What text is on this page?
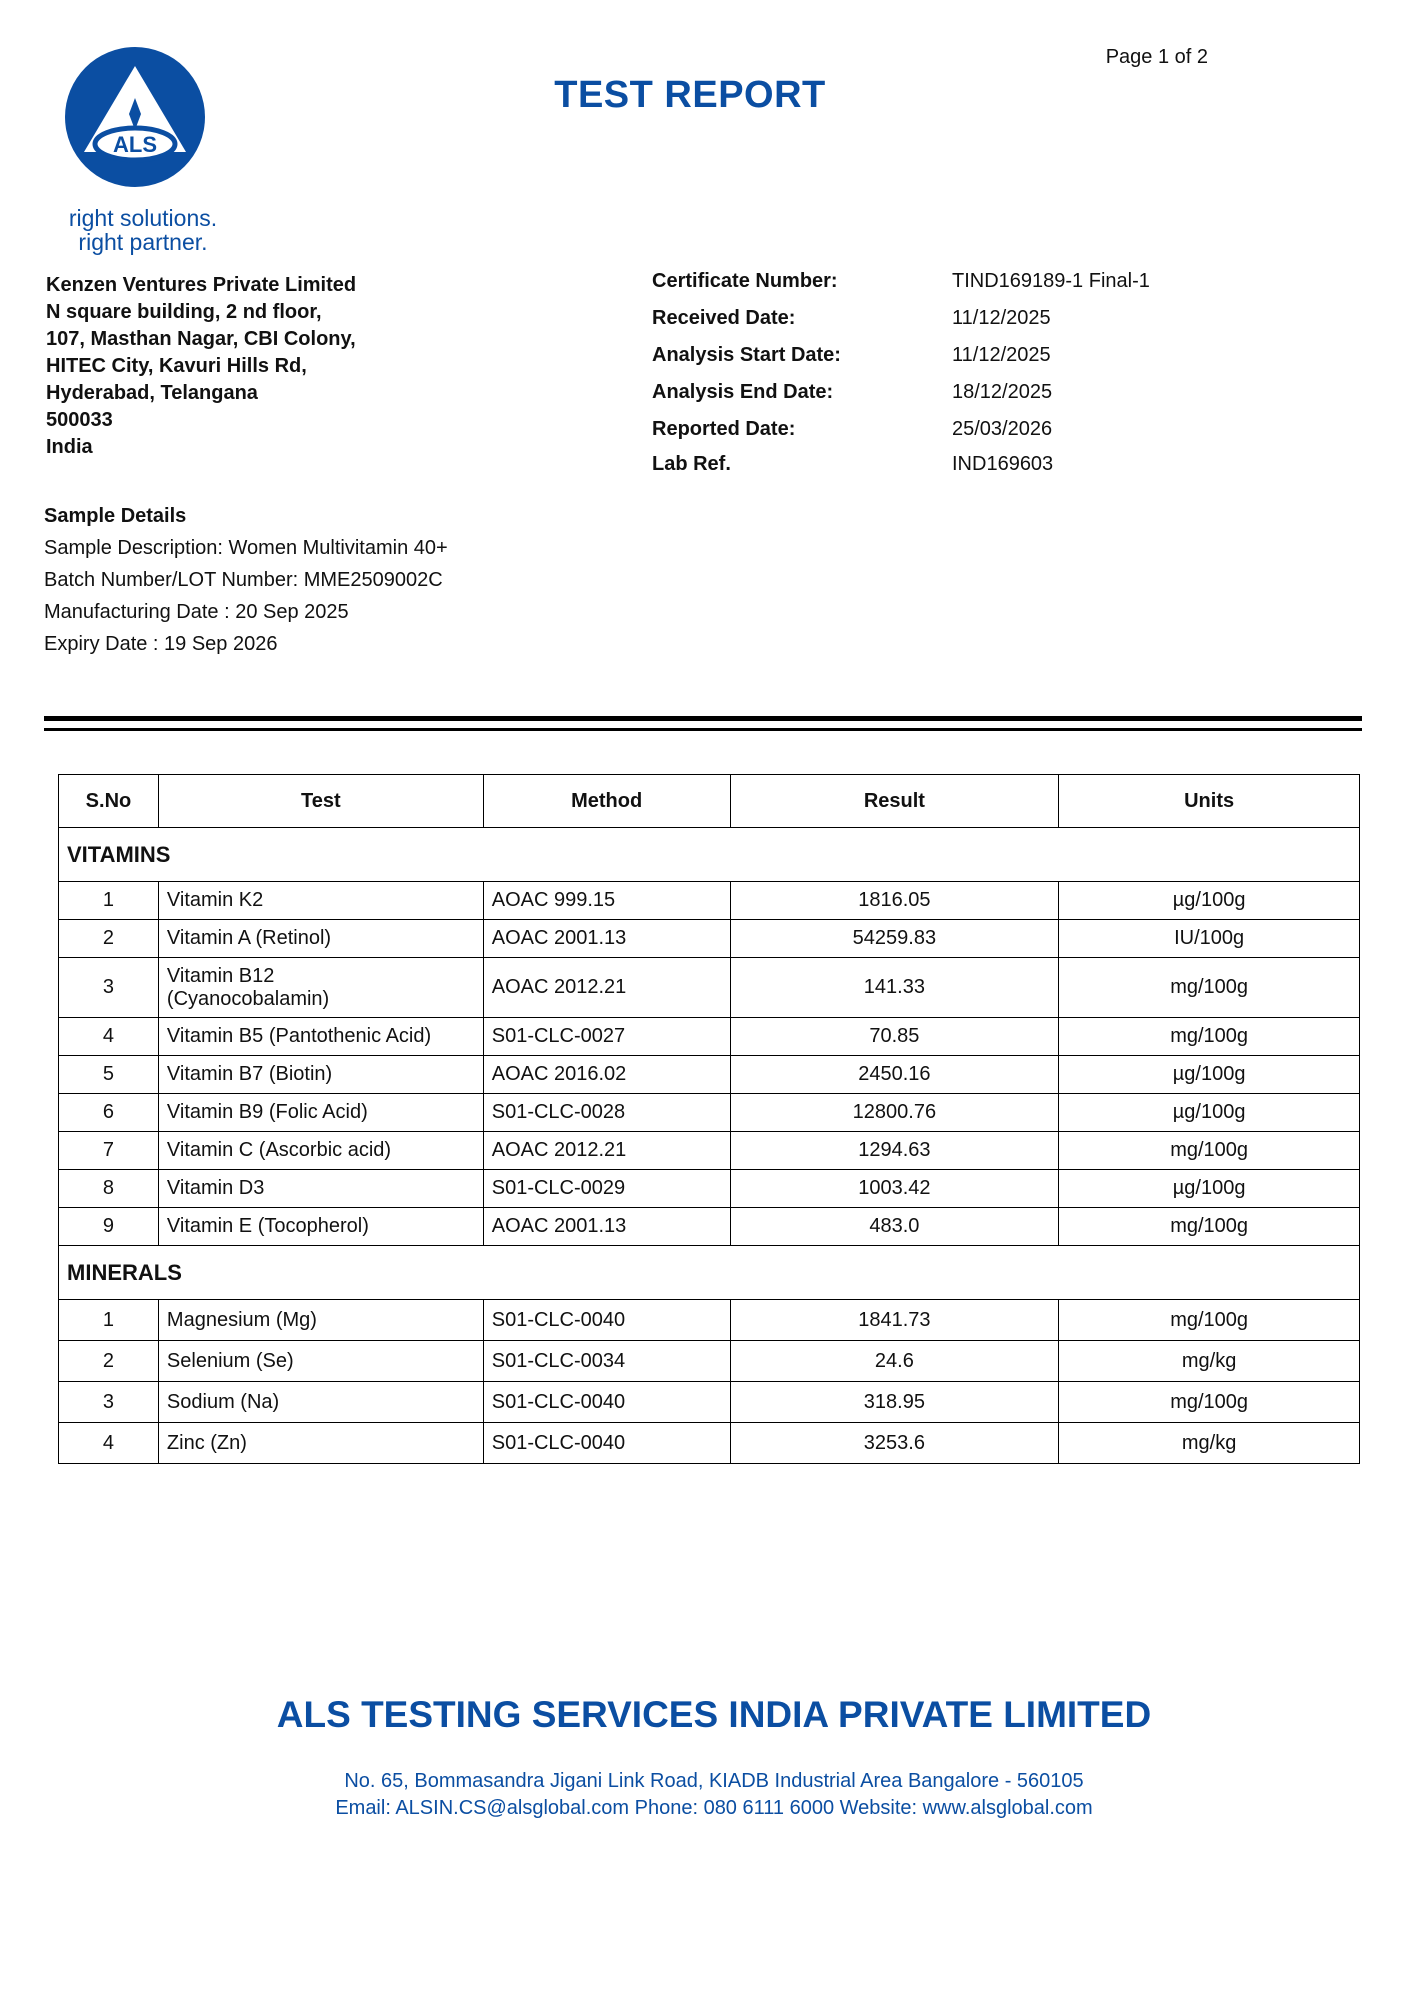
ALS
right solutions.
right partner.
Page 1 of 2
TEST REPORT
Kenzen Ventures Private Limited
N square building, 2 nd floor,
107, Masthan Nagar, CBI Colony,
HITEC City, Kavuri Hills Rd,
Hyderabad, Telangana
500033
India
Certificate Number:	TIND169189-1 Final-1
Received Date:	11/12/2025
Analysis Start Date:	11/12/2025
Analysis End Date:	18/12/2025
Reported Date:	25/03/2026
Lab Ref.	IND169603
Sample Details
Sample Description: Women Multivitamin 40+
Batch Number/LOT Number: MME2509002C
Manufacturing Date : 20 Sep 2025
Expiry Date : 19 Sep 2026
S.No	Test	Method	Result	Units
VITAMINS				
1	Vitamin K2	AOAC 999.15	1816.05	µg/100g
2	Vitamin A (Retinol)	AOAC 2001.13	54259.83	IU/100g
3	Vitamin B12
(Cyanocobalamin)	AOAC 2012.21	141.33	mg/100g
4	Vitamin B5 (Pantothenic Acid)	S01-CLC-0027	70.85	mg/100g
5	Vitamin B7 (Biotin)	AOAC 2016.02	2450.16	µg/100g
6	Vitamin B9 (Folic Acid)	S01-CLC-0028	12800.76	µg/100g
7	Vitamin C (Ascorbic acid)	AOAC 2012.21	1294.63	mg/100g
8	Vitamin D3	S01-CLC-0029	1003.42	µg/100g
9	Vitamin E (Tocopherol)	AOAC 2001.13	483.0	mg/100g
MINERALS				
1	Magnesium (Mg)	S01-CLC-0040	1841.73	mg/100g
2	Selenium (Se)	S01-CLC-0034	24.6	mg/kg
3	Sodium (Na)	S01-CLC-0040	318.95	mg/100g
4	Zinc (Zn)	S01-CLC-0040	3253.6	mg/kg
ALS TESTING SERVICES INDIA PRIVATE LIMITED
No. 65, Bommasandra Jigani Link Road, KIADB Industrial Area Bangalore - 560105
Email: ALSIN.CS@alsglobal.com Phone: 080 6111 6000 Website: www.alsglobal.com
